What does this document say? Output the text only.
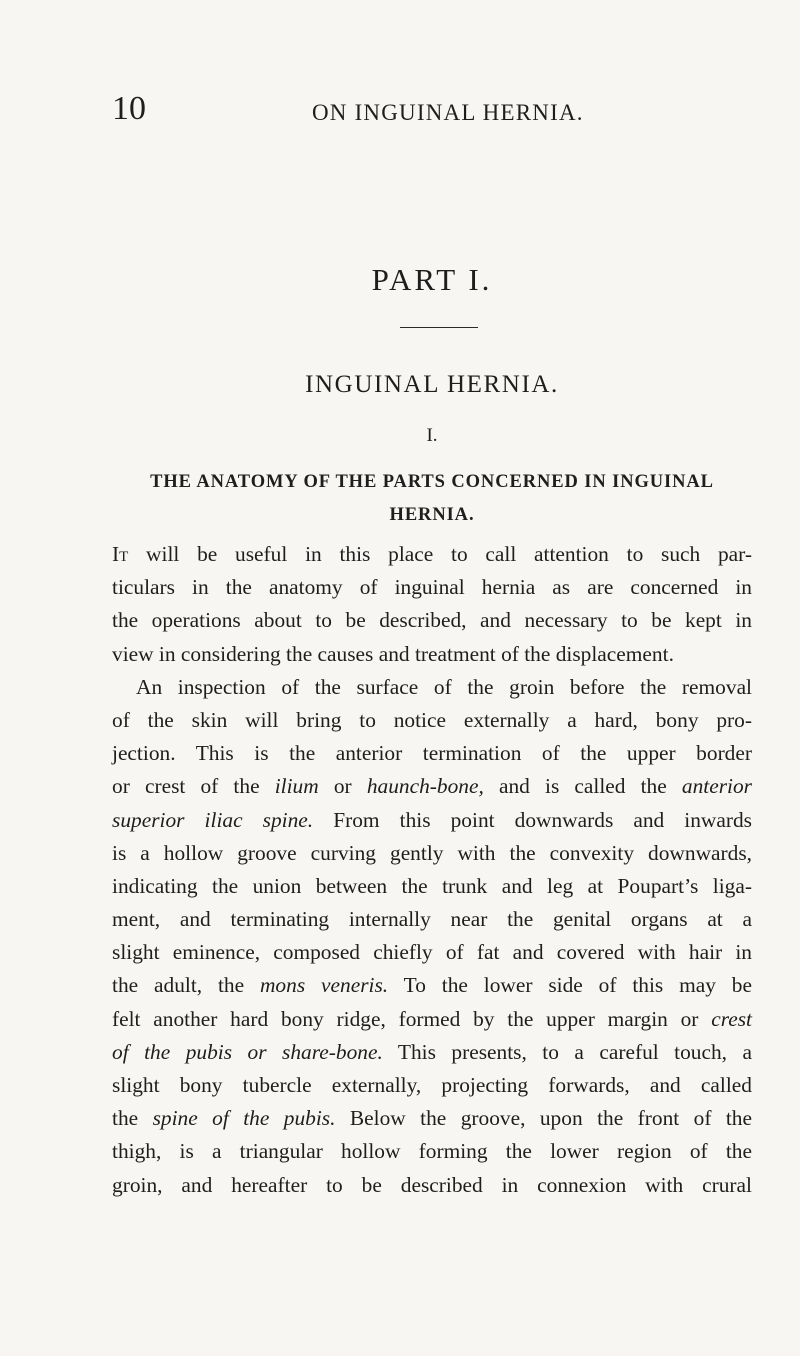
10	ON INGUINAL HERNIA.
PART I.
INGUINAL HERNIA.
I.
THE ANATOMY OF THE PARTS CONCERNED IN INGUINAL
HERNIA.
It will be useful in this place to call attention to such par-
ticulars in the anatomy of inguinal hernia as are concerned in
the operations about to be described, and necessary to be kept in
view in considering the causes and treatment of the displacement.
An inspection of the surface of the groin before the removal
of the skin will bring to notice externally a hard, bony pro-
jection. This is the anterior termination of the upper border
or crest of the ilium or haunch-bone, and is called the anterior
superior iliac spine. From this point downwards and inwards
is a hollow groove curving gently with the convexity downwards,
indicating the union between the trunk and leg at Poupart’s liga-
ment, and terminating internally near the genital organs at a
slight eminence, composed chiefly of fat and covered with hair in
the adult, the mons veneris. To the lower side of this may be
felt another hard bony ridge, formed by the upper margin or crest
of the pubis or share-bone. This presents, to a careful touch, a
slight bony tubercle externally, projecting forwards, and called
the spine of the pubis. Below the groove, upon the front of the
thigh, is a triangular hollow forming the lower region of the
groin, and hereafter to be described in connexion with crural
